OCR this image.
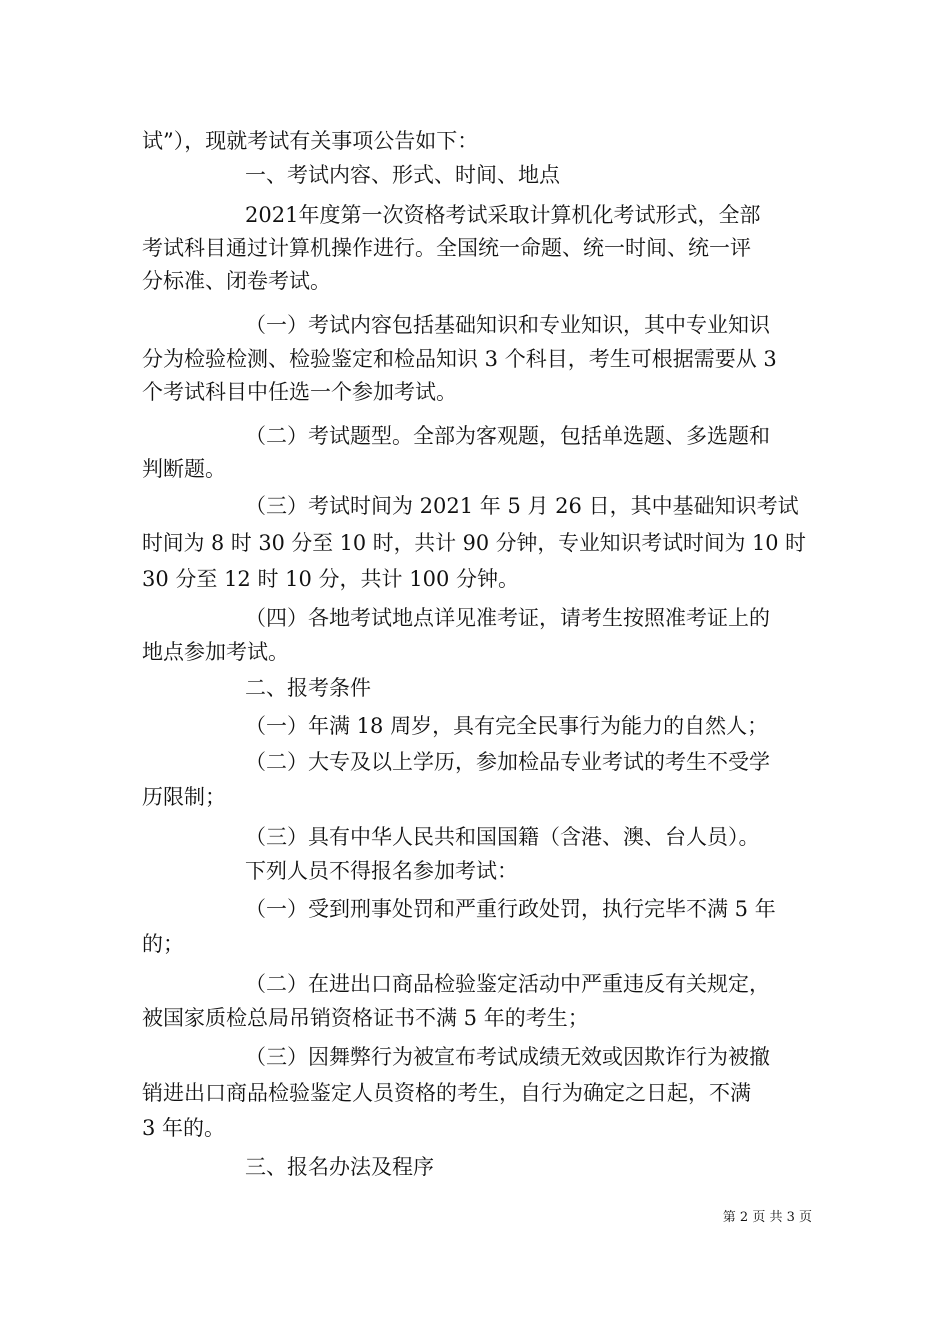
试”），现就考试有关事项公告如下：
一、考试内容、形式、时间、地点
2021年度第一次资格考试采取计算机化考试形式，全部
考试科目通过计算机操作进行。全国统一命题、统一时间、统一评
分标准、闭卷考试。
（一）考试内容包括基础知识和专业知识，其中专业知识
分为检验检测、检验鉴定和检品知识 3 个科目，考生可根据需要从 3
个考试科目中任选一个参加考试。
（二）考试题型。全部为客观题，包括单选题、多选题和
判断题。
（三）考试时间为 2021 年 5 月 26 日，其中基础知识考试
时间为 8 时 30 分至 10 时，共计 90 分钟，专业知识考试时间为 10 时
30 分至 12 时 10 分，共计 100 分钟。
（四）各地考试地点详见准考证，请考生按照准考证上的
地点参加考试。
二、报考条件
（一）年满 18 周岁，具有完全民事行为能力的自然人；
（二）大专及以上学历，参加检品专业考试的考生不受学
历限制；
（三）具有中华人民共和国国籍（含港、澳、台人员）。
下列人员不得报名参加考试：
（一）受到刑事处罚和严重行政处罚，执行完毕不满 5 年
的；
（二）在进出口商品检验鉴定活动中严重违反有关规定，
被国家质检总局吊销资格证书不满 5 年的考生；
（三）因舞弊行为被宣布考试成绩无效或因欺诈行为被撤
销进出口商品检验鉴定人员资格的考生，自行为确定之日起，不满
3 年的。
三、报名办法及程序
第 2 页 共 3 页
